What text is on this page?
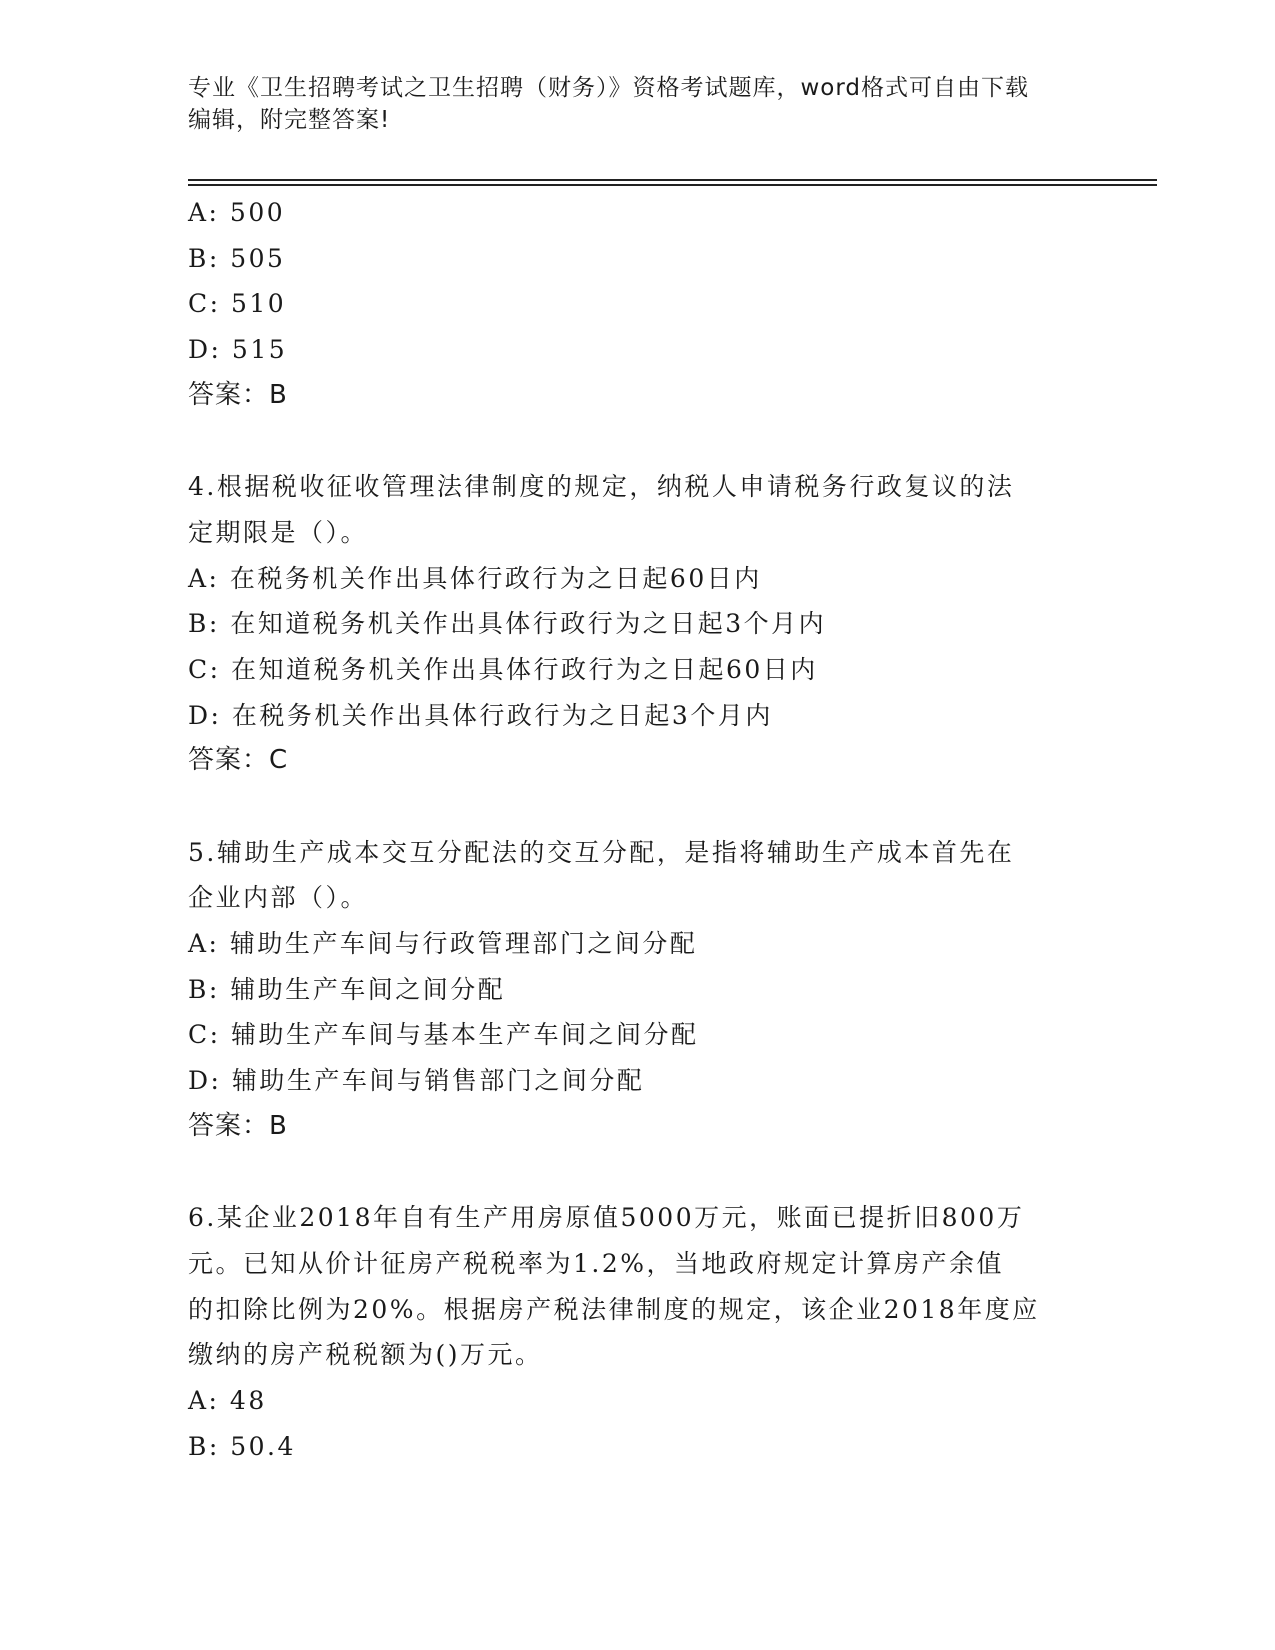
专业《卫生招聘考试之卫生招聘（财务）》资格考试题库，word格式可自由下载
编辑，附完整答案!
A: 500
B: 505
C: 510
D: 515
答案：B
4.根据税收征收管理法律制度的规定，纳税人申请税务行政复议的法
定期限是（）。
A: 在税务机关作出具体行政行为之日起60日内
B: 在知道税务机关作出具体行政行为之日起3个月内
C: 在知道税务机关作出具体行政行为之日起60日内
D: 在税务机关作出具体行政行为之日起3个月内
答案：C
5.辅助生产成本交互分配法的交互分配，是指将辅助生产成本首先在
企业内部（）。
A: 辅助生产车间与行政管理部门之间分配
B: 辅助生产车间之间分配
C: 辅助生产车间与基本生产车间之间分配
D: 辅助生产车间与销售部门之间分配
答案：B
6.某企业2018年自有生产用房原值5000万元，账面已提折旧800万
元。已知从价计征房产税税率为1.2%，当地政府规定计算房产余值
的扣除比例为20%。根据房产税法律制度的规定，该企业2018年度应
缴纳的房产税税额为()万元。
A: 48
B: 50.4
